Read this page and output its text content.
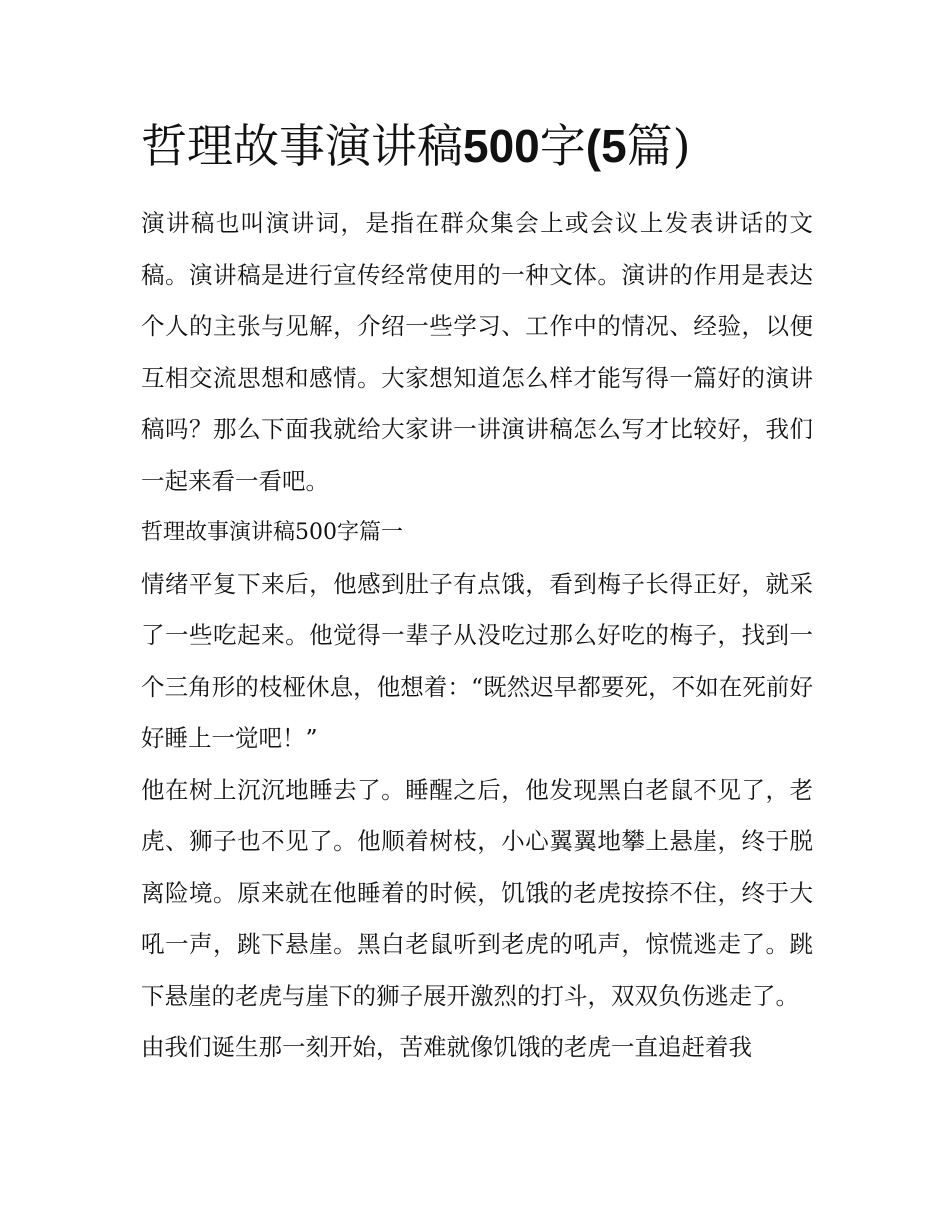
哲理故事演讲稿500字(5篇)

演讲稿也叫演讲词，是指在群众集会上或会议上发表讲话的文稿。演讲稿是进行宣传经常使用的一种文体。演讲的作用是表达个人的主张与见解，介绍一些学习、工作中的情况、经验，以便互相交流思想和感情。大家想知道怎么样才能写得一篇好的演讲稿吗？那么下面我就给大家讲一讲演讲稿怎么写才比较好，我们一起来看一看吧。

哲理故事演讲稿500字篇一

情绪平复下来后，他感到肚子有点饿，看到梅子长得正好，就采了一些吃起来。他觉得一辈子从没吃过那么好吃的梅子，找到一个三角形的枝桠休息，他想着：“既然迟早都要死，不如在死前好好睡上一觉吧！”

他在树上沉沉地睡去了。睡醒之后，他发现黑白老鼠不见了，老虎、狮子也不见了。他顺着树枝，小心翼翼地攀上悬崖，终于脱离险境。原来就在他睡着的时候，饥饿的老虎按捺不住，终于大吼一声，跳下悬崖。黑白老鼠听到老虎的吼声，惊慌逃走了。跳下悬崖的老虎与崖下的狮子展开激烈的打斗，双双负伤逃走了。

由我们诞生那一刻开始，苦难就像饥饿的老虎一直追赶着我
